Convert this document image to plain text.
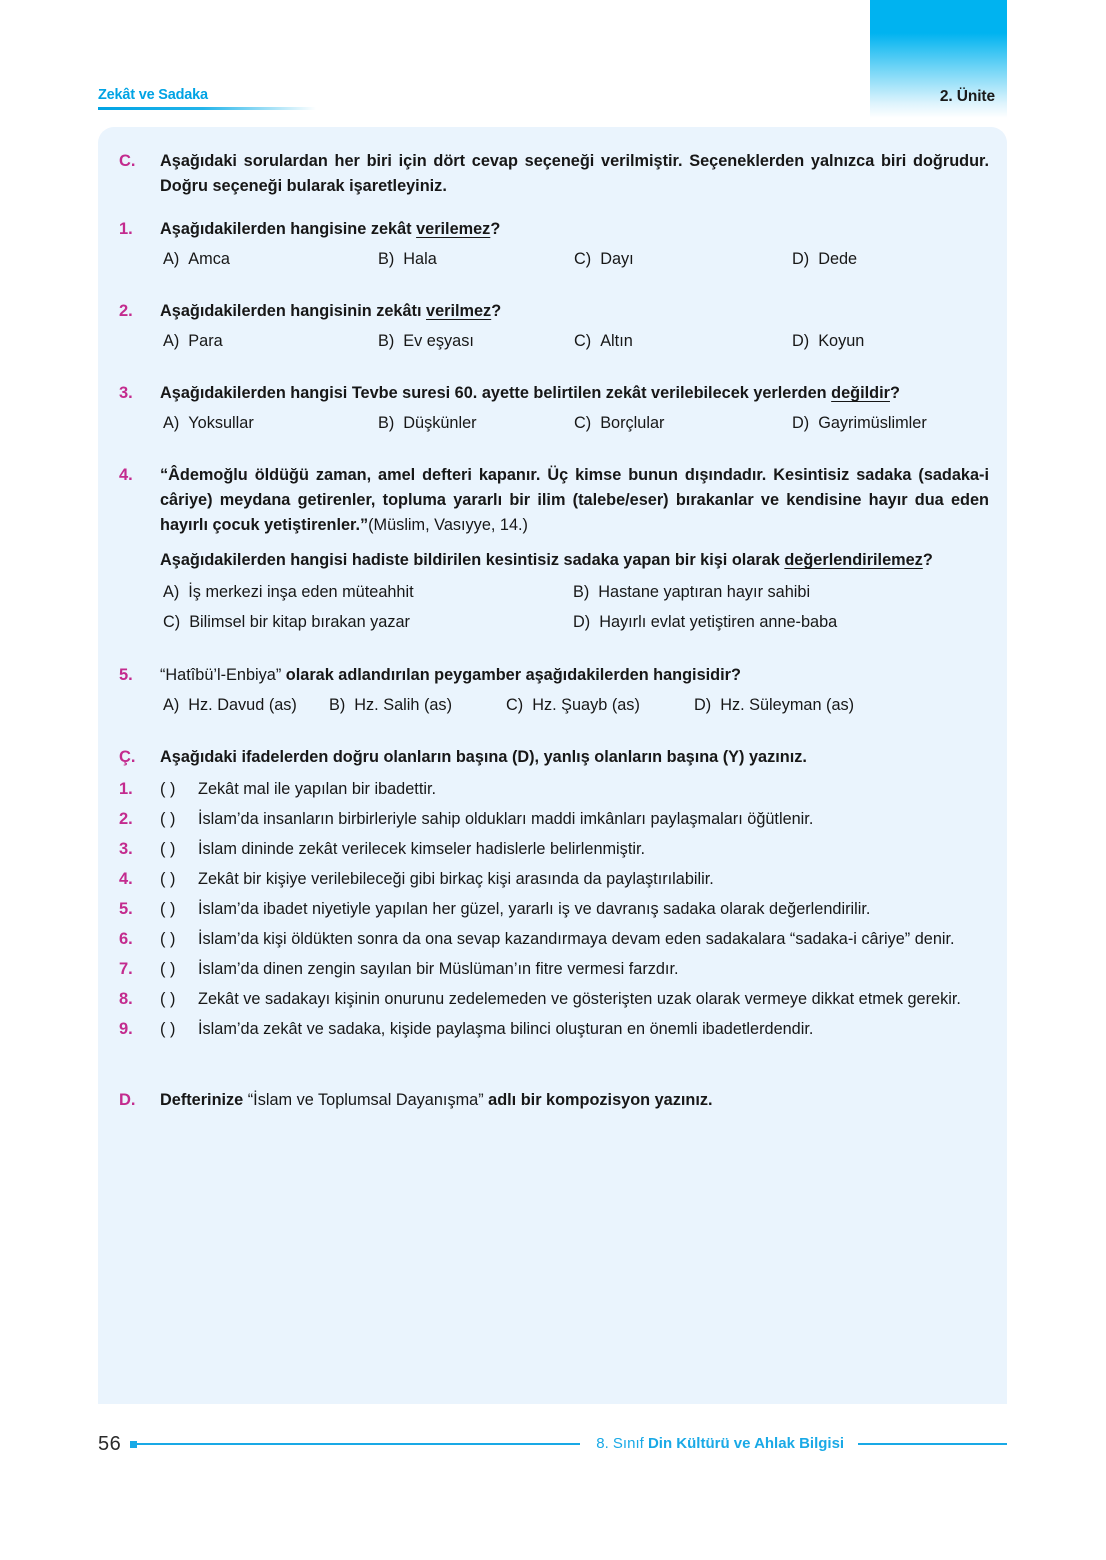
2. Ünite
Zekât ve Sadaka
C.	Aşağıdaki sorulardan her biri için dört cevap seçeneği verilmiştir. Seçeneklerden yalnızca biri doğrudur. Doğru seçeneği bularak işaretleyiniz.
1.	Aşağıdakilerden hangisine zekât verilemez?
A) Amca	B) Hala	C) Dayı	D) Dede
2.	Aşağıdakilerden hangisinin zekâtı verilmez?
A) Para	B) Ev eşyası	C) Altın	D) Koyun
3.	Aşağıdakilerden hangisi Tevbe suresi 60. ayette belirtilen zekât verilebilecek yerlerden değildir?
A) Yoksullar	B) Düşkünler	C) Borçlular	D) Gayrimüslimler
4.	“Âdemoğlu öldüğü zaman, amel defteri kapanır. Üç kimse bunun dışındadır. Kesintisiz sadaka (sadaka-i câriye) meydana getirenler, topluma yararlı bir ilim (talebe/eser) bırakanlar ve kendisine hayır dua eden hayırlı çocuk yetiştirenler.”(Müslim, Vasıyye, 14.)
Aşağıdakilerden hangisi hadiste bildirilen kesintisiz sadaka yapan bir kişi olarak değerlendirilemez?
A) İş merkezi inşa eden müteahhit	B) Hastane yaptıran hayır sahibi
C) Bilimsel bir kitap bırakan yazar	D) Hayırlı evlat yetiştiren anne-baba
5.	“Hatîbü’l-Enbiya” olarak adlandırılan peygamber aşağıdakilerden hangisidir?
A) Hz. Davud (as) B) Hz. Salih (as)	C) Hz. Şuayb (as)	D) Hz. Süleyman (as)
Ç.	Aşağıdaki ifadelerden doğru olanların başına (D), yanlış olanların başına (Y) yazınız.
1.	( )	Zekât mal ile yapılan bir ibadettir.
2.	( )	İslam’da insanların birbirleriyle sahip oldukları maddi imkânları paylaşmaları öğütlenir.
3.	( )	İslam dininde zekât verilecek kimseler hadislerle belirlenmiştir.
4.	( )	Zekât bir kişiye verilebileceği gibi birkaç kişi arasında da paylaştırılabilir.
5.	( )	İslam’da ibadet niyetiyle yapılan her güzel, yararlı iş ve davranış sadaka olarak değerlendirilir.
6.	( )	İslam’da kişi öldükten sonra da ona sevap kazandırmaya devam eden sadakalara “sadaka-i câriye” denir.
7.	( )	İslam’da dinen zengin sayılan bir Müslüman’ın fitre vermesi farzdır.
8.	( )	Zekât ve sadakayı kişinin onurunu zedelemeden ve gösterişten uzak olarak vermeye dikkat etmek gerekir.
9.	( )	İslam’da zekât ve sadaka, kişide paylaşma bilinci oluşturan en önemli ibadetlerdendir.
D.	Defterinize “İslam ve Toplumsal Dayanışma” adlı bir kompozisyon yazınız.
56	8. Sınıf Din Kültürü ve Ahlak Bilgisi
